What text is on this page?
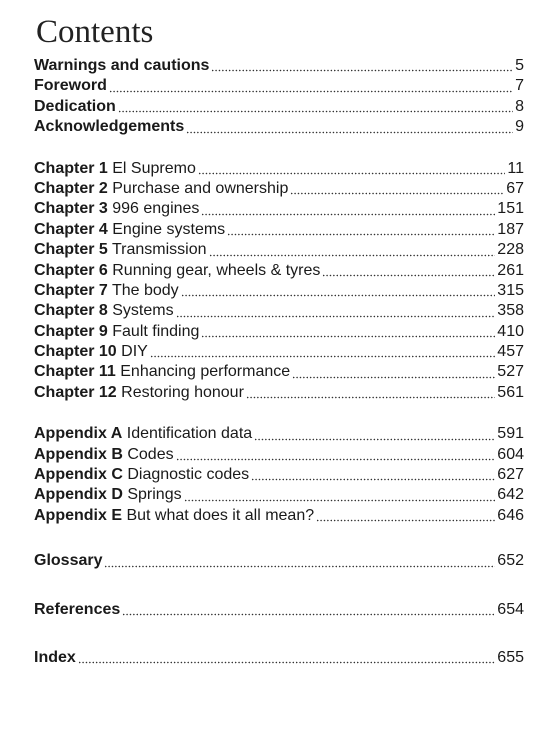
Contents
Warnings and cautions	5
Foreword	7
Dedication	8
Acknowledgements	9
Chapter 1 El Supremo	11
Chapter 2 Purchase and ownership	67
Chapter 3 996 engines	151
Chapter 4 Engine systems	187
Chapter 5 Transmission	228
Chapter 6 Running gear, wheels & tyres	261
Chapter 7 The body	315
Chapter 8 Systems	358
Chapter 9 Fault finding	410
Chapter 10 DIY	457
Chapter 11 Enhancing performance	527
Chapter 12 Restoring honour	561
Appendix A Identification data	591
Appendix B Codes	604
Appendix C Diagnostic codes	627
Appendix D Springs	642
Appendix E But what does it all mean?	646
Glossary	652
References	654
Index	655
